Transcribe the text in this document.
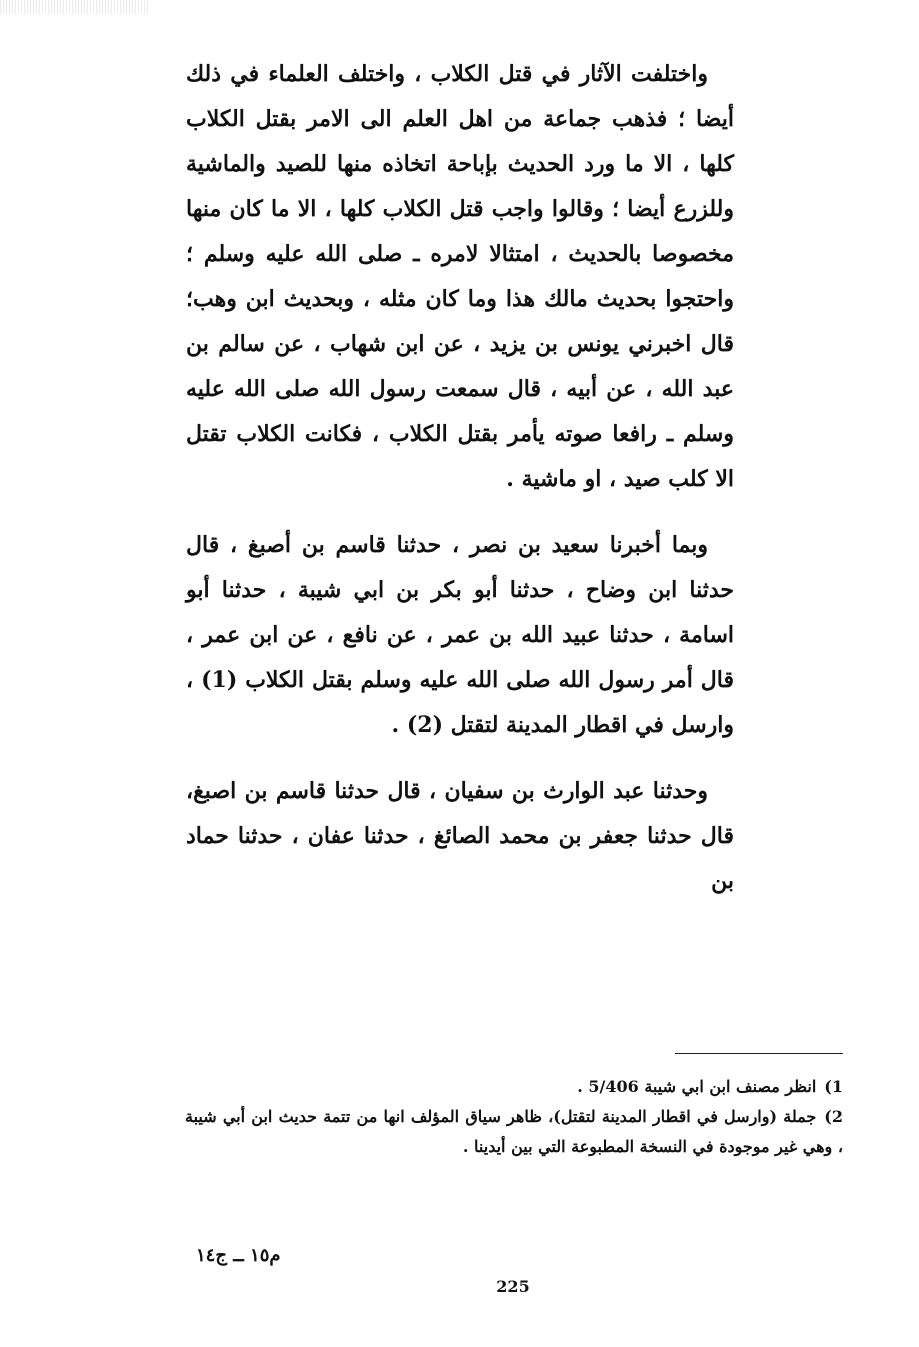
واختلفت الآثار في قتل الكلاب ، واختلف العلماء في ذلك أيضا ؛ فذهب جماعة من اهل العلم الى الامر بقتل الكلاب كلها ، الا ما ورد الحديث بإباحة اتخاذه منها للصيد والماشية وللزرع أيضا ؛ وقالوا واجب قتل الكلاب كلها ، الا ما كان منها مخصوصا بالحديث ، امتثالا لامره ـ صلى الله عليه وسلم ؛ واحتجوا بحديث مالك هذا وما كان مثله ، وبحديث ابن وهب؛ قال اخبرني يونس بن يزيد ، عن ابن شهاب ، عن سالم بن عبد الله ، عن أبيه ، قال سمعت رسول الله صلى الله عليه وسلم ـ رافعا صوته يأمر بقتل الكلاب ، فكانت الكلاب تقتل الا كلب صيد ، او ماشية .

وبما أخبرنا سعيد بن نصر ، حدثنا قاسم بن أصبغ ، قال حدثنا ابن وضاح ، حدثنا أبو بكر بن ابي شيبة ، حدثنا أبو اسامة ، حدثنا عبيد الله بن عمر ، عن نافع ، عن ابن عمر ، قال أمر رسول الله صلى الله عليه وسلم بقتل الكلاب (1) ، وارسل في اقطار المدينة لتقتل (2) .

وحدثنا عبد الوارث بن سفيان ، قال حدثنا قاسم بن اصبغ، قال حدثنا جعفر بن محمد الصائغ ، حدثنا عفان ، حدثنا حماد بن

1)انظر مصنف ابن ابي شيبة 5/406 .

2)جملة (وارسل في اقطار المدينة لتقتل)، ظاهر سياق المؤلف انها من تتمة حديث ابن أبي شيبة ، وهي غير موجودة في النسخة المطبوعة التي بين أيدينا .

م١٥ ــ ج١٤
225
